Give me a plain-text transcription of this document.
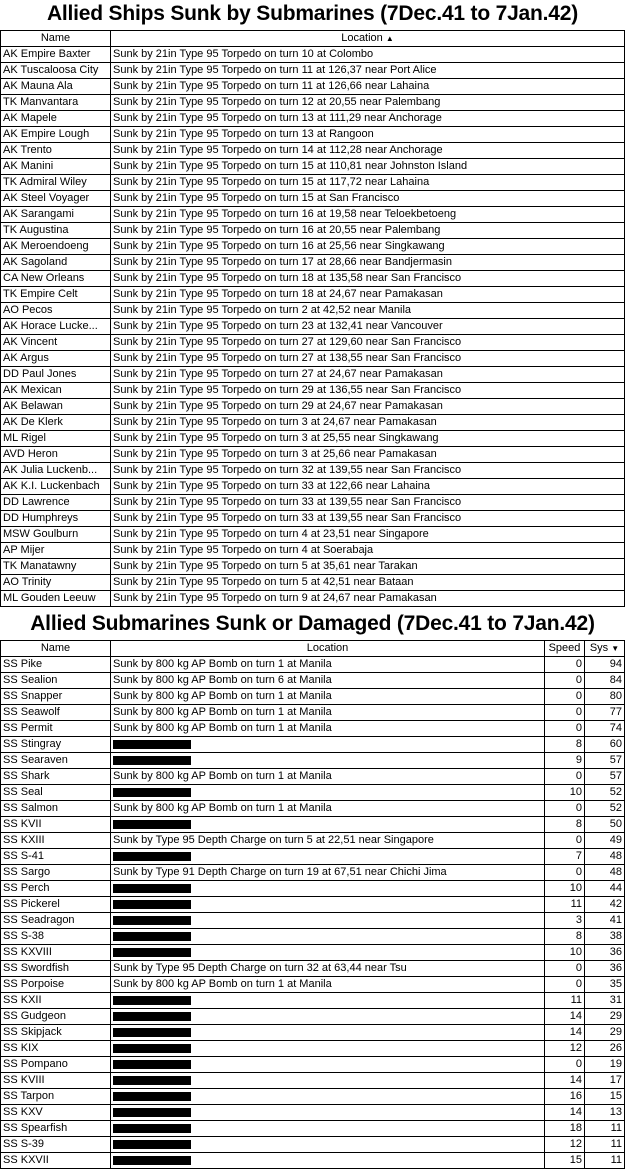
Allied Ships Sunk by Submarines (7Dec.41 to 7Jan.42)
Name	Location ▲
AK Empire Baxter	Sunk by 21in Type 95 Torpedo on turn 10 at Colombo
AK Tuscaloosa City	Sunk by 21in Type 95 Torpedo on turn 11 at 126,37 near Port Alice
AK Mauna Ala	Sunk by 21in Type 95 Torpedo on turn 11 at 126,66 near Lahaina
TK Manvantara	Sunk by 21in Type 95 Torpedo on turn 12 at 20,55 near Palembang
AK Mapele	Sunk by 21in Type 95 Torpedo on turn 13 at 111,29 near Anchorage
AK Empire Lough	Sunk by 21in Type 95 Torpedo on turn 13 at Rangoon
AK Trento	Sunk by 21in Type 95 Torpedo on turn 14 at 112,28 near Anchorage
AK Manini	Sunk by 21in Type 95 Torpedo on turn 15 at 110,81 near Johnston Island
TK Admiral Wiley	Sunk by 21in Type 95 Torpedo on turn 15 at 117,72 near Lahaina
AK Steel Voyager	Sunk by 21in Type 95 Torpedo on turn 15 at San Francisco
AK Sarangami	Sunk by 21in Type 95 Torpedo on turn 16 at 19,58 near Teloekbetoeng
TK Augustina	Sunk by 21in Type 95 Torpedo on turn 16 at 20,55 near Palembang
AK Meroendoeng	Sunk by 21in Type 95 Torpedo on turn 16 at 25,56 near Singkawang
AK Sagoland	Sunk by 21in Type 95 Torpedo on turn 17 at 28,66 near Bandjermasin
CA New Orleans	Sunk by 21in Type 95 Torpedo on turn 18 at 135,58 near San Francisco
TK Empire Celt	Sunk by 21in Type 95 Torpedo on turn 18 at 24,67 near Pamakasan
AO Pecos	Sunk by 21in Type 95 Torpedo on turn 2 at 42,52 near Manila
AK Horace Lucke...	Sunk by 21in Type 95 Torpedo on turn 23 at 132,41 near Vancouver
AK Vincent	Sunk by 21in Type 95 Torpedo on turn 27 at 129,60 near San Francisco
AK Argus	Sunk by 21in Type 95 Torpedo on turn 27 at 138,55 near San Francisco
DD Paul Jones	Sunk by 21in Type 95 Torpedo on turn 27 at 24,67 near Pamakasan
AK Mexican	Sunk by 21in Type 95 Torpedo on turn 29 at 136,55 near San Francisco
AK Belawan	Sunk by 21in Type 95 Torpedo on turn 29 at 24,67 near Pamakasan
AK De Klerk	Sunk by 21in Type 95 Torpedo on turn 3 at 24,67 near Pamakasan
ML Rigel	Sunk by 21in Type 95 Torpedo on turn 3 at 25,55 near Singkawang
AVD Heron	Sunk by 21in Type 95 Torpedo on turn 3 at 25,66 near Pamakasan
AK Julia Luckenb...	Sunk by 21in Type 95 Torpedo on turn 32 at 139,55 near San Francisco
AK K.I. Luckenbach	Sunk by 21in Type 95 Torpedo on turn 33 at 122,66 near Lahaina
DD Lawrence	Sunk by 21in Type 95 Torpedo on turn 33 at 139,55 near San Francisco
DD Humphreys	Sunk by 21in Type 95 Torpedo on turn 33 at 139,55 near San Francisco
MSW Goulburn	Sunk by 21in Type 95 Torpedo on turn 4 at 23,51 near Singapore
AP Mijer	Sunk by 21in Type 95 Torpedo on turn 4 at Soerabaja
TK Manatawny	Sunk by 21in Type 95 Torpedo on turn 5 at 35,61 near Tarakan
AO Trinity	Sunk by 21in Type 95 Torpedo on turn 5 at 42,51 near Bataan
ML Gouden Leeuw	Sunk by 21in Type 95 Torpedo on turn 9 at 24,67 near Pamakasan
Allied Submarines Sunk or Damaged (7Dec.41 to 7Jan.42)
Name	Location	Speed	Sys ▼
SS Pike	Sunk by 800 kg AP Bomb on turn 1 at Manila	0	94
SS Sealion	Sunk by 800 kg AP Bomb on turn 6 at Manila	0	84
SS Snapper	Sunk by 800 kg AP Bomb on turn 1 at Manila	0	80
SS Seawolf	Sunk by 800 kg AP Bomb on turn 1 at Manila	0	77
SS Permit	Sunk by 800 kg AP Bomb on turn 1 at Manila	0	74
SS Stingray		8	60
SS Searaven		9	57
SS Shark	Sunk by 800 kg AP Bomb on turn 1 at Manila	0	57
SS Seal		10	52
SS Salmon	Sunk by 800 kg AP Bomb on turn 1 at Manila	0	52
SS KVII		8	50
SS KXIII	Sunk by Type 95 Depth Charge on turn 5 at 22,51 near Singapore	0	49
SS S-41		7	48
SS Sargo	Sunk by Type 91 Depth Charge on turn 19 at 67,51 near Chichi Jima	0	48
SS Perch		10	44
SS Pickerel		11	42
SS Seadragon		3	41
SS S-38		8	38
SS KXVIII		10	36
SS Swordfish	Sunk by Type 95 Depth Charge on turn 32 at 63,44 near Tsu	0	36
SS Porpoise	Sunk by 800 kg AP Bomb on turn 1 at Manila	0	35
SS KXII		11	31
SS Gudgeon		14	29
SS Skipjack		14	29
SS KIX		12	26
SS Pompano		0	19
SS KVIII		14	17
SS Tarpon		16	15
SS KXV		14	13
SS Spearfish		18	11
SS S-39		12	11
SS KXVII		15	11
